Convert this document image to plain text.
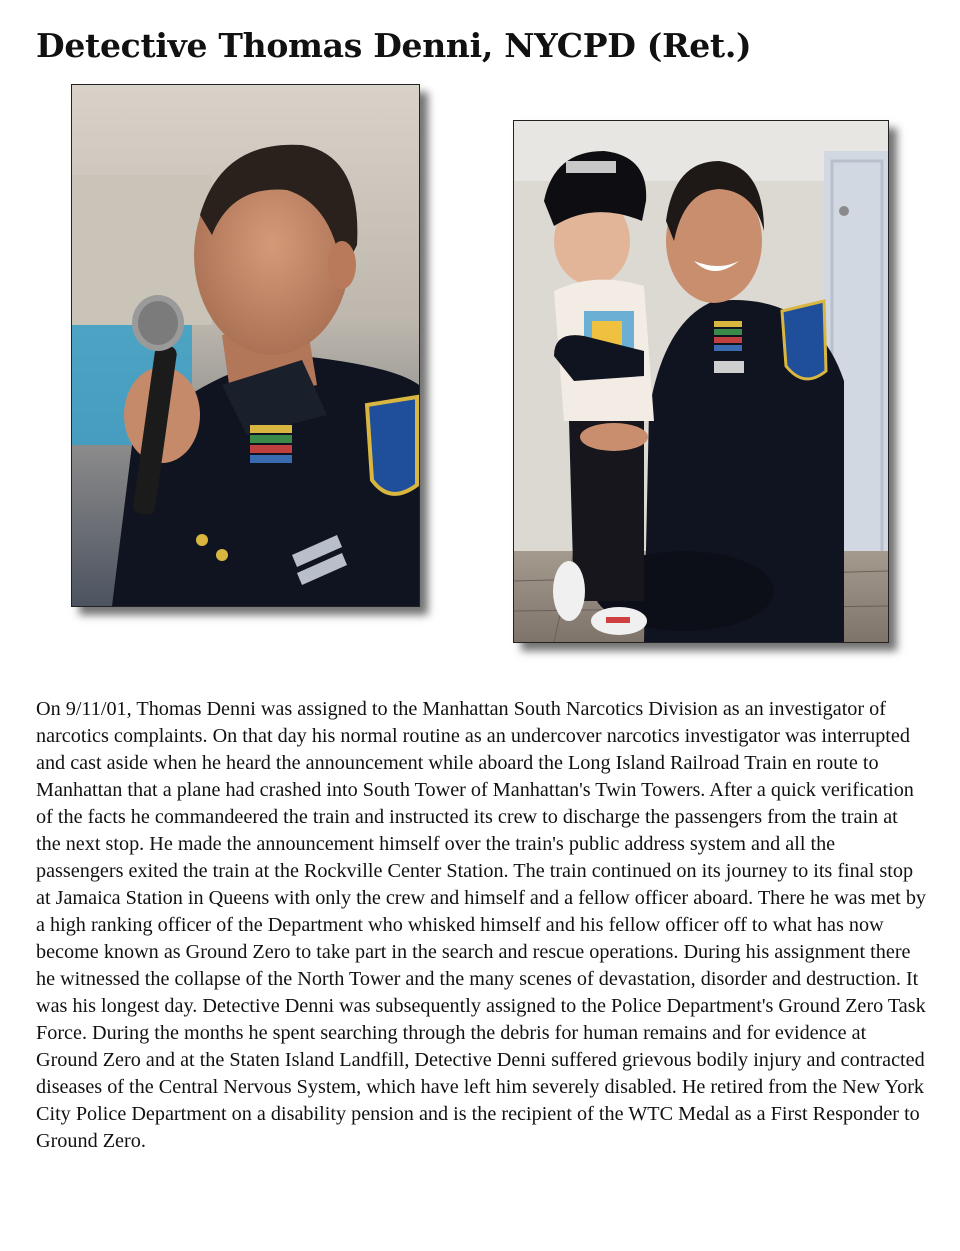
Detective Thomas Denni, NYCPD (Ret.)

On 9/11/01, Thomas Denni was assigned to the Manhattan South Narcotics Division as an investigator of narcotics complaints. On that day his normal routine as an undercover narcotics investigator was interrupted and cast aside when he heard the announcement while aboard the Long Island Railroad Train en route to Manhattan that a plane had crashed into South Tower of Manhattan's Twin Towers. After a quick verification of the facts he commandeered the train and instructed its crew to discharge the passengers from the train at the next stop. He made the announcement himself over the train's public address system and all the passengers exited the train at the Rockville Center Station. The train continued on its journey to its final stop at Jamaica Station in Queens with only the crew and himself and a fellow officer aboard. There he was met by a high ranking officer of the Department who whisked himself and his fellow officer off to what has now become known as Ground Zero to take part in the search and rescue operations. During his assignment there he witnessed the collapse of the North Tower and the many scenes of devastation, disorder and destruction. It was his longest day. Detective Denni was subsequently assigned to the Police Department's Ground Zero Task Force. During the months he spent searching through the debris for human remains and for evidence at Ground Zero and at the Staten Island Landfill, Detective Denni suffered grievous bodily injury and contracted diseases of the Central Nervous System, which have left him severely disabled. He retired from the New York City Police Department on a disability pension and is the recipient of the WTC Medal as a First Responder to Ground Zero.
